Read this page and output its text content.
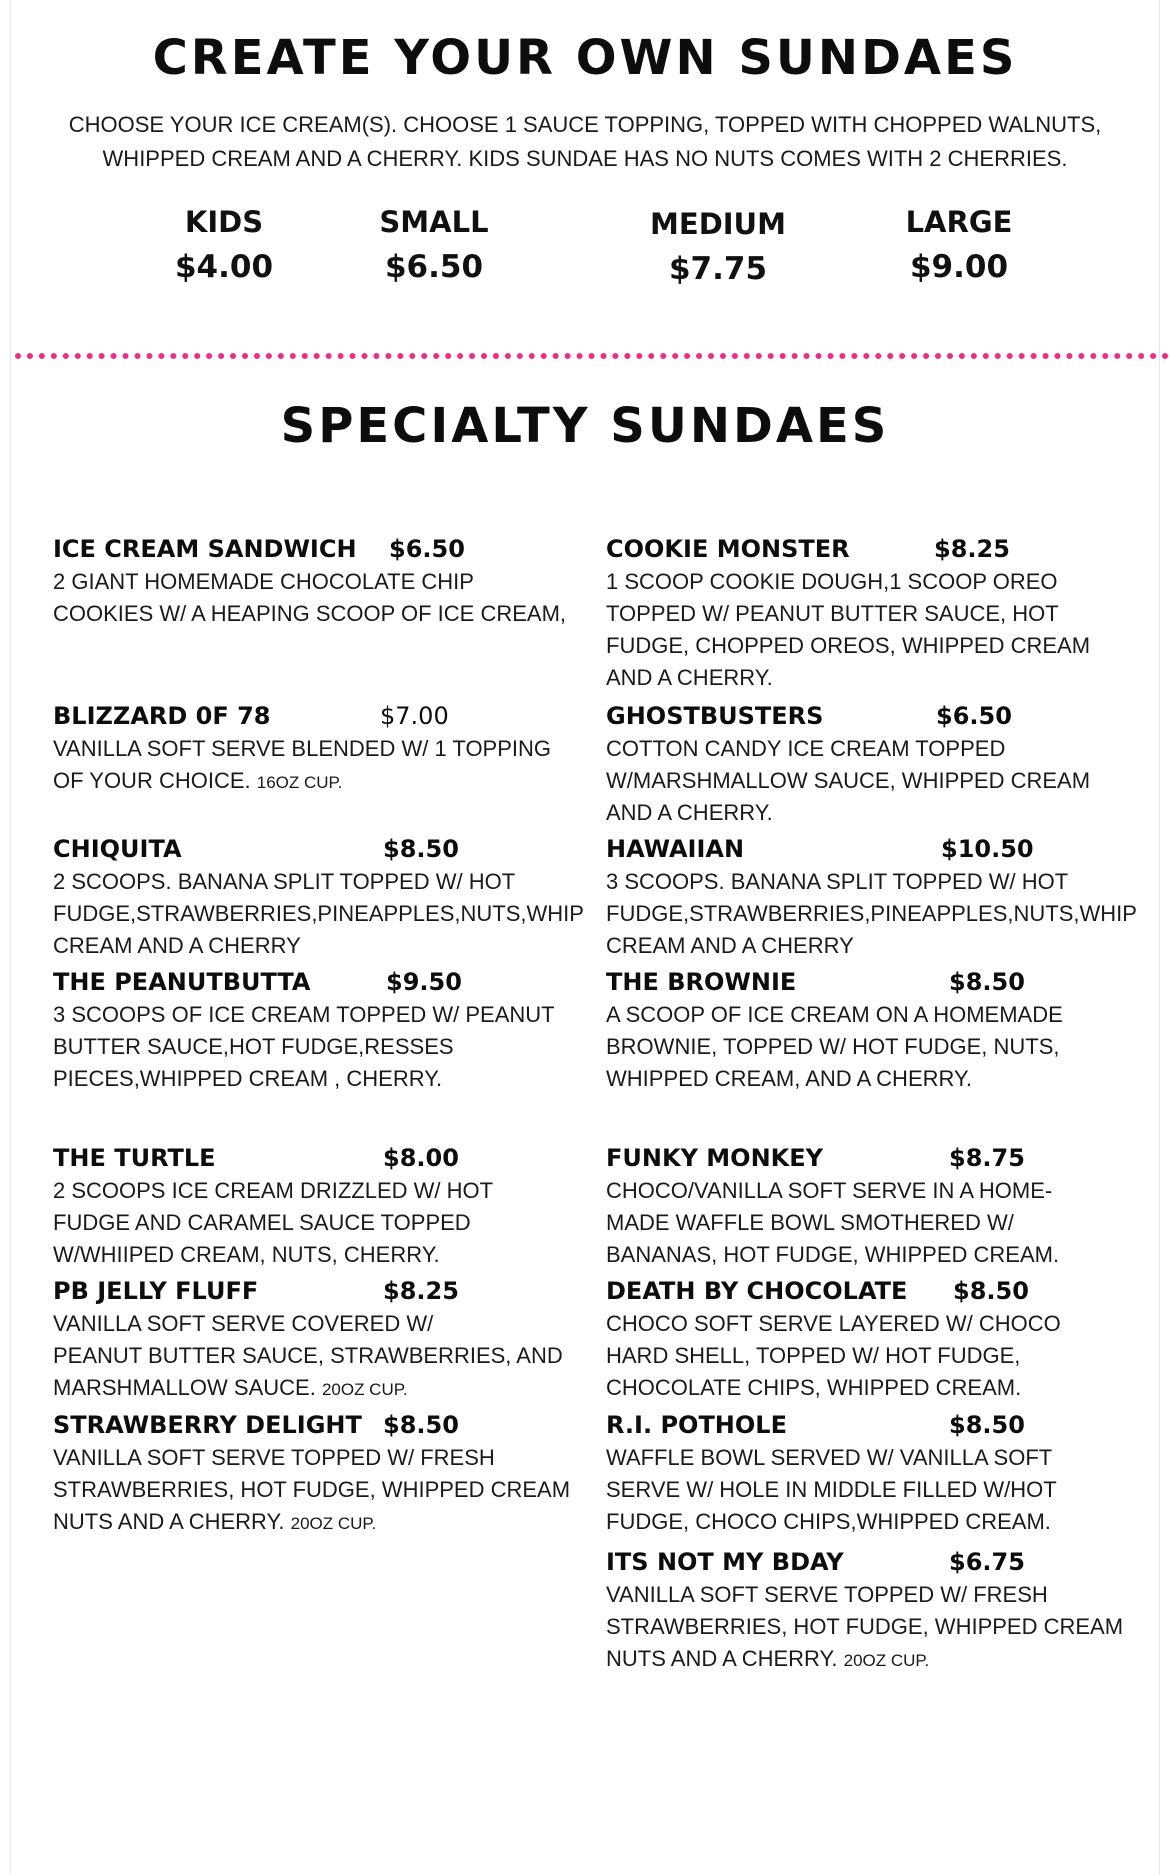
CREATE YOUR OWN SUNDAES
CHOOSE YOUR ICE CREAM(S). CHOOSE 1 SAUCE TOPPING, TOPPED WITH CHOPPED WALNUTS,
WHIPPED CREAM AND A CHERRY. KIDS SUNDAE HAS NO NUTS COMES WITH 2 CHERRIES.
KIDS
$4.00
SMALL
$6.50
MEDIUM
$7.75
LARGE
$9.00
SPECIALTY SUNDAES
ICE CREAM SANDWICH $6.50
2 GIANT HOMEMADE CHOCOLATE CHIP
COOKIES W/ A HEAPING SCOOP OF ICE CREAM,
BLIZZARD 0F 78	$7.00
VANILLA SOFT SERVE BLENDED W/ 1 TOPPING
OF YOUR CHOICE. 16OZ CUP.
CHIQUITA	$8.50
2 SCOOPS. BANANA SPLIT TOPPED W/ HOT
FUDGE,STRAWBERRIES,PINEAPPLES,NUTS,WHIP
CREAM AND A CHERRY
THE PEANUTBUTTA	$9.50
3 SCOOPS OF ICE CREAM TOPPED W/ PEANUT
BUTTER SAUCE,HOT FUDGE,RESSES
PIECES,WHIPPED CREAM , CHERRY.
THE TURTLE	$8.00
2 SCOOPS ICE CREAM DRIZZLED W/ HOT
FUDGE AND CARAMEL SAUCE TOPPED
W/WHIIPED CREAM, NUTS, CHERRY.
PB JELLY FLUFF	$8.25
VANILLA SOFT SERVE COVERED W/
PEANUT BUTTER SAUCE, STRAWBERRIES, AND
MARSHMALLOW SAUCE. 20OZ CUP.
STRAWBERRY DELIGHT $8.50
VANILLA SOFT SERVE TOPPED W/ FRESH
STRAWBERRIES, HOT FUDGE, WHIPPED CREAM
NUTS AND A CHERRY. 20OZ CUP.
COOKIE MONSTER	$8.25
1 SCOOP COOKIE DOUGH,1 SCOOP OREO
TOPPED W/ PEANUT BUTTER SAUCE, HOT
FUDGE, CHOPPED OREOS, WHIPPED CREAM
AND A CHERRY.
GHOSTBUSTERS	$6.50
COTTON CANDY ICE CREAM TOPPED
W/MARSHMALLOW SAUCE, WHIPPED CREAM
AND A CHERRY.
HAWAIIAN	$10.50
3 SCOOPS. BANANA SPLIT TOPPED W/ HOT
FUDGE,STRAWBERRIES,PINEAPPLES,NUTS,WHIP
CREAM AND A CHERRY
THE BROWNIE	$8.50
A SCOOP OF ICE CREAM ON A HOMEMADE
BROWNIE, TOPPED W/ HOT FUDGE, NUTS,
WHIPPED CREAM, AND A CHERRY.
FUNKY MONKEY	$8.75
CHOCO/VANILLA SOFT SERVE IN A HOME-
MADE WAFFLE BOWL SMOTHERED W/
BANANAS, HOT FUDGE, WHIPPED CREAM.
DEATH BY CHOCOLATE $8.50
CHOCO SOFT SERVE LAYERED W/ CHOCO
HARD SHELL, TOPPED W/ HOT FUDGE,
CHOCOLATE CHIPS, WHIPPED CREAM.
R.I. POTHOLE	$8.50
WAFFLE BOWL SERVED W/ VANILLA SOFT
SERVE W/ HOLE IN MIDDLE FILLED W/HOT
FUDGE, CHOCO CHIPS,WHIPPED CREAM.
ITS NOT MY BDAY	$6.75
VANILLA SOFT SERVE TOPPED W/ FRESH
STRAWBERRIES, HOT FUDGE, WHIPPED CREAM
NUTS AND A CHERRY. 20OZ CUP.
